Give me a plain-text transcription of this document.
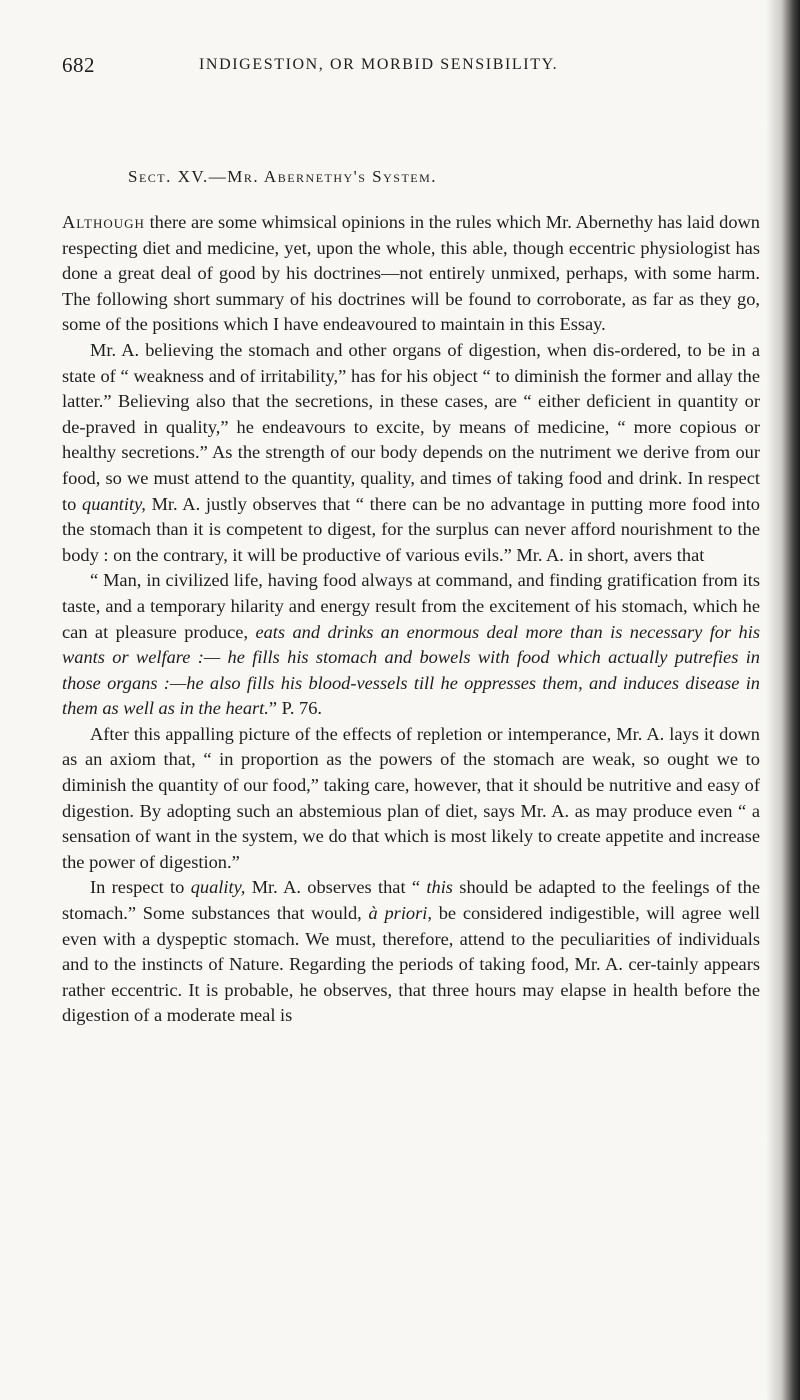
682	INDIGESTION, OR MORBID SENSIBILITY.
Sect. XV.—Mr. Abernethy's System.

Although there are some whimsical opinions in the rules which Mr. Abernethy has laid down respecting diet and medicine, yet, upon the whole, this able, though eccentric physiologist has done a great deal of good by his doctrines—not entirely unmixed, perhaps, with some harm. The following short summary of his doctrines will be found to corroborate, as far as they go, some of the positions which I have endeavoured to maintain in this Essay.

Mr. A. believing the stomach and other organs of digestion, when dis-ordered, to be in a state of “ weakness and of irritability,” has for his object “ to diminish the former and allay the latter.” Believing also that the secretions, in these cases, are “ either deficient in quantity or de-praved in quality,” he endeavours to excite, by means of medicine, “ more copious or healthy secretions.” As the strength of our body depends on the nutriment we derive from our food, so we must attend to the quantity, quality, and times of taking food and drink. In respect to quantity, Mr. A. justly observes that “ there can be no advantage in putting more food into the stomach than it is competent to digest, for the surplus can never afford nourishment to the body : on the contrary, it will be productive of various evils.” Mr. A. in short, avers that

“ Man, in civilized life, having food always at command, and finding gratification from its taste, and a temporary hilarity and energy result from the excitement of his stomach, which he can at pleasure produce, eats and drinks an enormous deal more than is necessary for his wants or welfare :— he fills his stomach and bowels with food which actually putrefies in those organs :—he also fills his blood-vessels till he oppresses them, and induces disease in them as well as in the heart.” P. 76.

After this appalling picture of the effects of repletion or intemperance, Mr. A. lays it down as an axiom that, “ in proportion as the powers of the stomach are weak, so ought we to diminish the quantity of our food,” taking care, however, that it should be nutritive and easy of digestion. By adopting such an abstemious plan of diet, says Mr. A. as may produce even “ a sensation of want in the system, we do that which is most likely to create appetite and increase the power of digestion.”

In respect to quality, Mr. A. observes that “ this should be adapted to the feelings of the stomach.” Some substances that would, à priori, be considered indigestible, will agree well even with a dyspeptic stomach. We must, therefore, attend to the peculiarities of individuals and to the instincts of Nature. Regarding the periods of taking food, Mr. A. cer-tainly appears rather eccentric. It is probable, he observes, that three hours may elapse in health before the digestion of a moderate meal is
